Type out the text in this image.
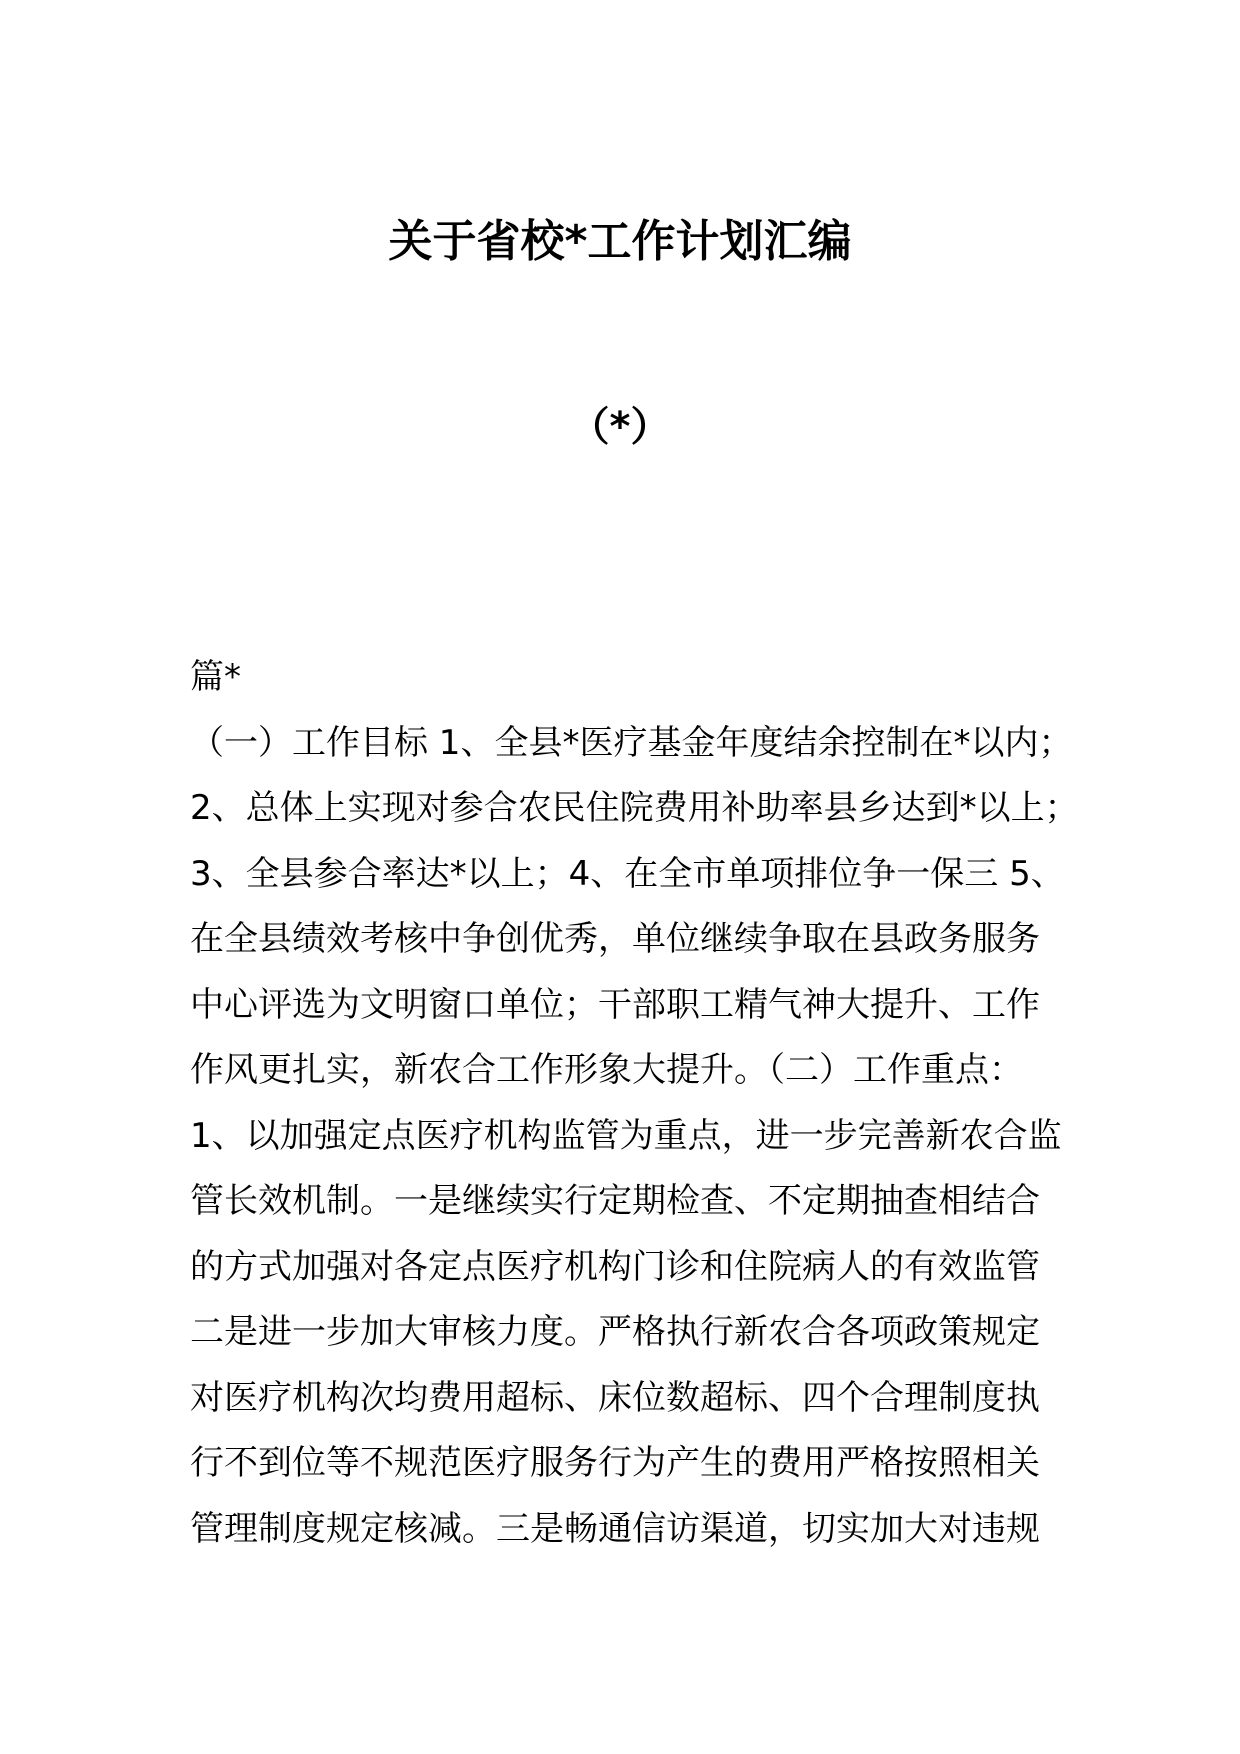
关于省校*工作计划汇编
（*）
篇*
（一）工作目标 1、全县*医疗基金年度结余控制在*以内；
2、总体上实现对参合农民住院费用补助率县乡达到*以上；
3、全县参合率达*以上；4、在全市单项排位争一保三 5、
在全县绩效考核中争创优秀，单位继续争取在县政务服务
中心评选为文明窗口单位；干部职工精气神大提升、工作
作风更扎实，新农合工作形象大提升。（二）工作重点：
1、以加强定点医疗机构监管为重点，进一步完善新农合监
管长效机制。一是继续实行定期检查、不定期抽查相结合
的方式加强对各定点医疗机构门诊和住院病人的有效监管
二是进一步加大审核力度。严格执行新农合各项政策规定
对医疗机构次均费用超标、床位数超标、四个合理制度执
行不到位等不规范医疗服务行为产生的费用严格按照相关
管理制度规定核减。三是畅通信访渠道，切实加大对违规
